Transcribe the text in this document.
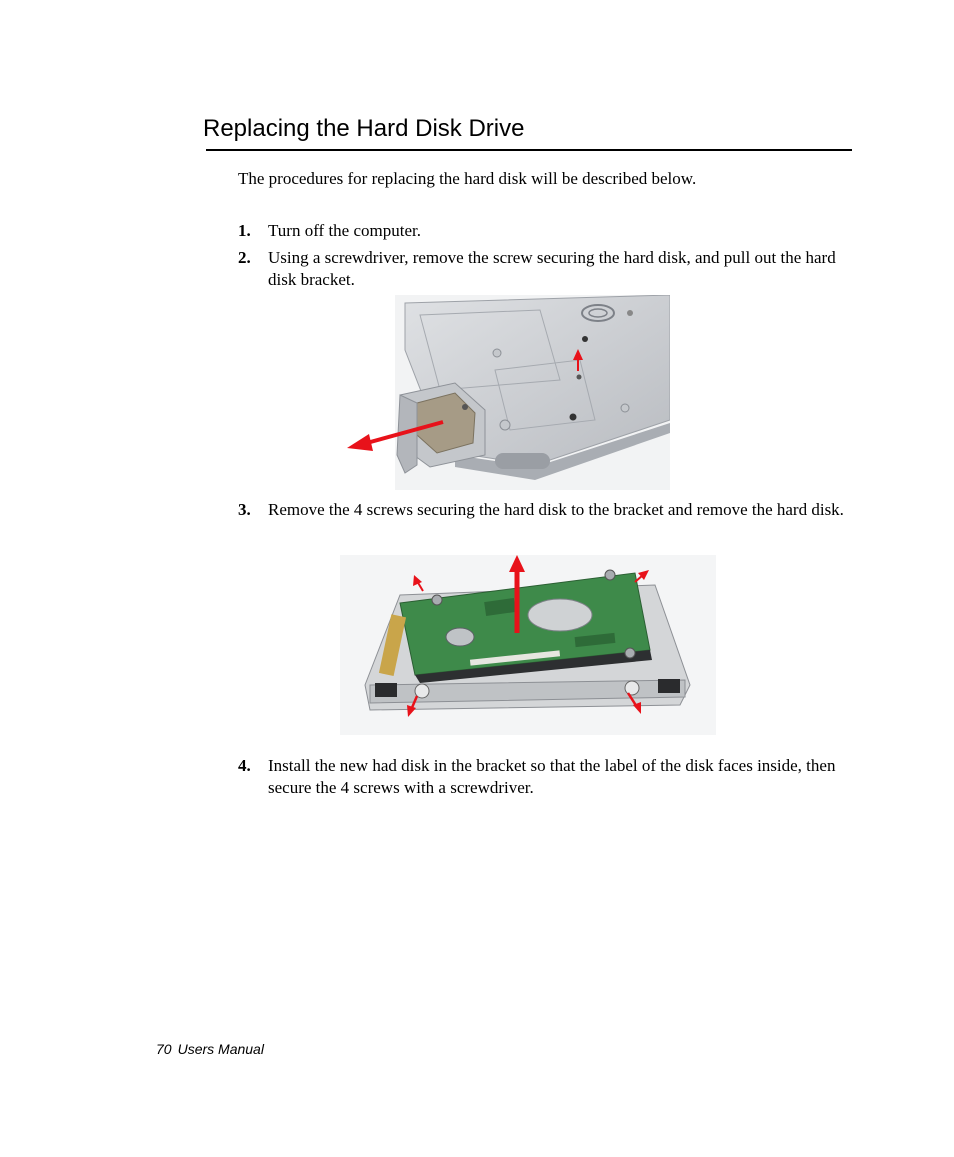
Replacing the Hard Disk Drive

The procedures for replacing the hard disk will be described below.

1. Turn off the computer.
2. Using a screwdriver, remove the screw securing the hard disk, and pull out the hard disk bracket.
3. Remove the 4 screws securing the hard disk to the bracket and remove the hard disk.
4. Install the new had disk in the bracket so that the label of the disk faces inside, then secure the 4 screws with a screwdriver.
70 Users Manual
